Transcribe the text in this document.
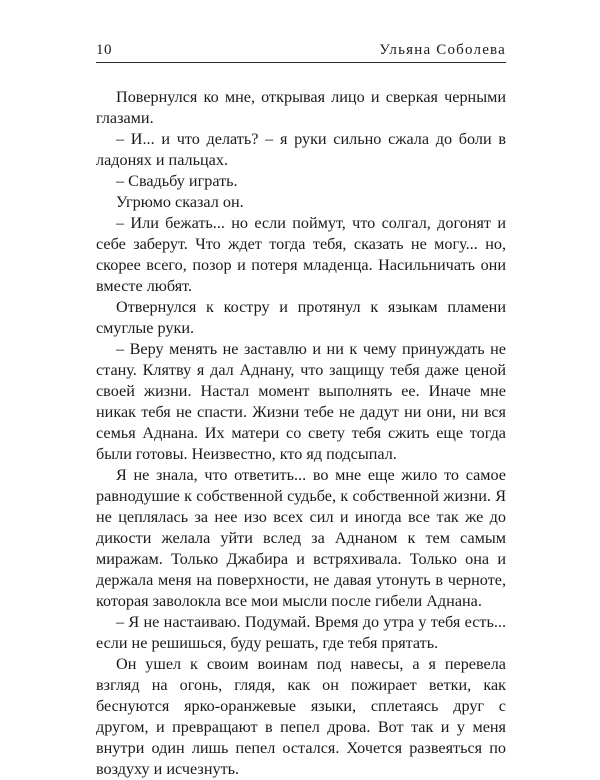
10	Ульяна Соболева

Повернулся ко мне, открывая лицо и сверкая черными глазами.

– И... и что делать? – я руки сильно сжала до боли в ладонях и пальцах.

– Свадьбу играть.

Угрюмо сказал он.

– Или бежать... но если поймут, что солгал, догонят и себе заберут. Что ждет тогда тебя, сказать не могу... но, скорее всего, позор и потеря младенца. Насильничать они вместе любят.

Отвернулся к костру и протянул к языкам пламени смуглые руки.

– Веру менять не заставлю и ни к чему принуждать не стану. Клятву я дал Аднану, что защищу тебя даже ценой своей жизни. Настал момент выполнять ее. Иначе мне никак тебя не спасти. Жизни тебе не дадут ни они, ни вся семья Аднана. Их матери со свету тебя сжить еще тогда были готовы. Неизвестно, кто яд подсыпал.

Я не знала, что ответить... во мне еще жило то самое равнодушие к собственной судьбе, к собственной жизни. Я не цеплялась за нее изо всех сил и иногда все так же до дикости желала уйти вслед за Аднаном к тем самым миражам. Только Джабира и встряхивала. Только она и держала меня на поверхности, не давая утонуть в черноте, которая заволокла все мои мысли после гибели Аднана.

– Я не настаиваю. Подумай. Время до утра у тебя есть... если не решишься, буду решать, где тебя прятать.

Он ушел к своим воинам под навесы, а я перевела взгляд на огонь, глядя, как он пожирает ветки, как беснуются ярко-оранжевые языки, сплетаясь друг с другом, и превращают в пепел дрова. Вот так и у меня внутри один лишь пепел остался. Хочется развеяться по воздуху и исчезнуть.
